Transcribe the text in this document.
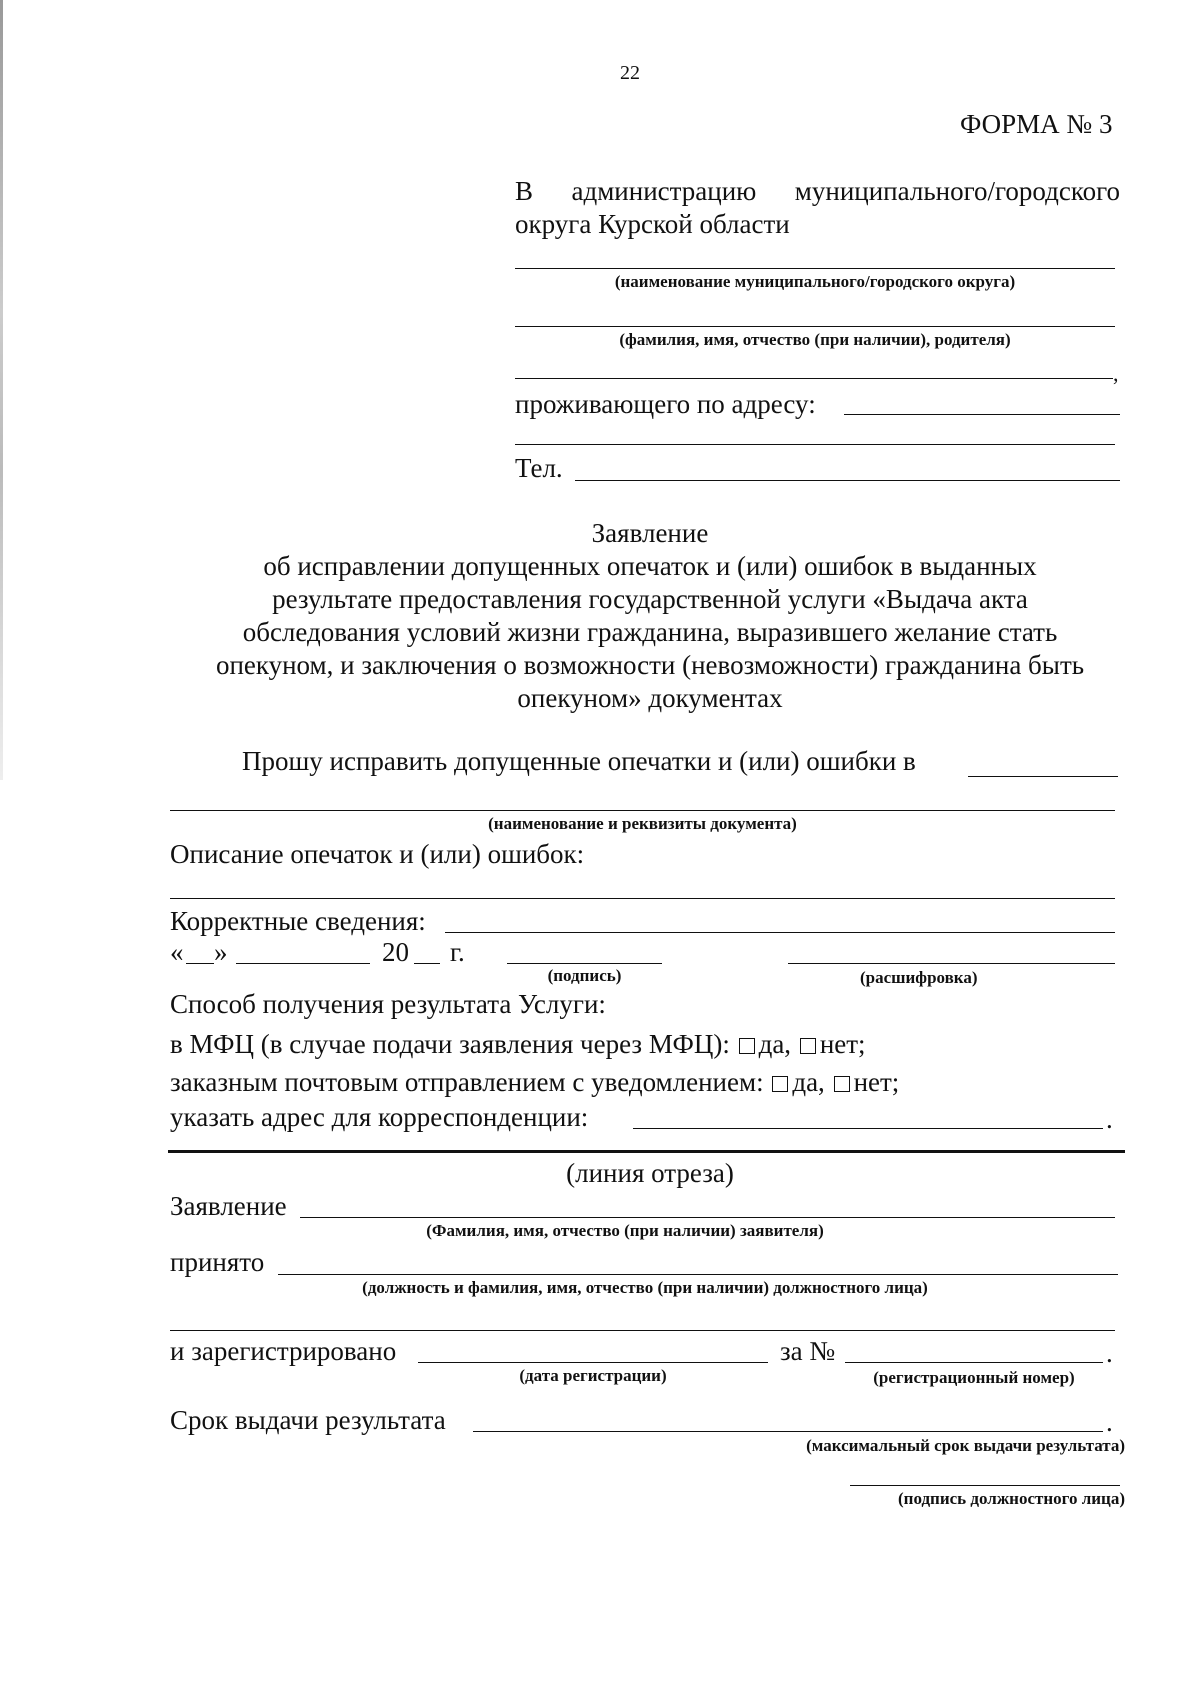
22
ФОРМА № 3
В администрацию муниципального/городского
округа Курской области
(наименование муниципального/городского округа)
(фамилия, имя, отчество (при наличии), родителя)
,
проживающего по адресу:
Тел.
Заявление
об исправлении допущенных опечаток и (или) ошибок в выданных
результате предоставления государственной услуги «Выдача акта
обследования условий жизни гражданина, выразившего желание стать
опекуном, и заключения о возможности (невозможности) гражданина быть
опекуном» документах
Прошу исправить допущенные опечатки и (или) ошибки в
(наименование и реквизиты документа)
Описание опечаток и (или) ошибок:
Корректные сведения:
« »	20 г.
(подпись)	(расшифровка)
Способ получения результата Услуги:
в МФЦ (в случае подачи заявления через МФЦ): да, нет;
заказным почтовым отправлением с уведомлением: да, нет;
указать адрес для корреспонденции:	.
(линия отреза)
Заявление
(Фамилия, имя, отчество (при наличии) заявителя)
принято
(должность и фамилия, имя, отчество (при наличии) должностного лица)
и зарегистрировано
(дата регистрации)
за №	.
(регистрационный номер)
Срок выдачи результата	.
(максимальный срок выдачи результата)
(подпись должностного лица)
